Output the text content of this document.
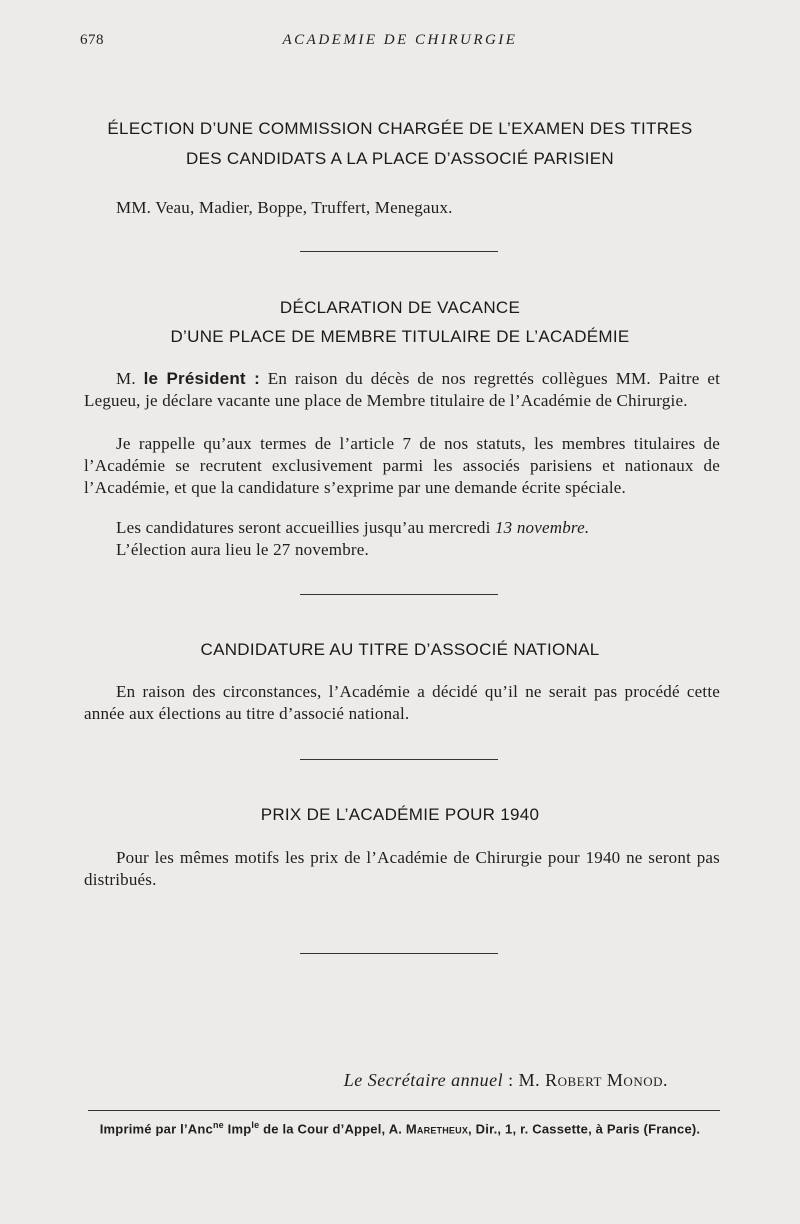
678	ACADEMIE DE CHIRURGIE
ÉLECTION D’UNE COMMISSION CHARGÉE DE L’EXAMEN DES TITRES
DES CANDIDATS A LA PLACE D’ASSOCIÉ PARISIEN

MM. Veau, Madier, Boppe, Truffert, Menegaux.

DÉCLARATION DE VACANCE
D’UNE PLACE DE MEMBRE TITULAIRE DE L’ACADÉMIE

M. le Président : En raison du décès de nos regrettés collègues MM. Paitre et Legueu, je déclare vacante une place de Membre titulaire de l’Académie de Chirurgie.

Je rappelle qu’aux termes de l’article 7 de nos statuts, les membres titulaires de l’Académie se recrutent exclusivement parmi les associés parisiens et nationaux de l’Académie, et que la candidature s’exprime par une demande écrite spéciale.

Les candidatures seront accueillies jusqu’au mercredi 13 novembre.

L’élection aura lieu le 27 novembre.

CANDIDATURE AU TITRE D’ASSOCIÉ NATIONAL

En raison des circonstances, l’Académie a décidé qu’il ne serait pas procédé cette année aux élections au titre d’associé national.

PRIX DE L’ACADÉMIE POUR 1940

Pour les mêmes motifs les prix de l’Académie de Chirurgie pour 1940 ne seront pas distribués.

Le Secrétaire annuel : M. Robert Monod.
Imprimé par l’Anc$^{ne}$ Imp$^{le}$ de la Cour d’Appel, A. Maretheux, Dir., 1, r. Cassette, à Paris (France).
